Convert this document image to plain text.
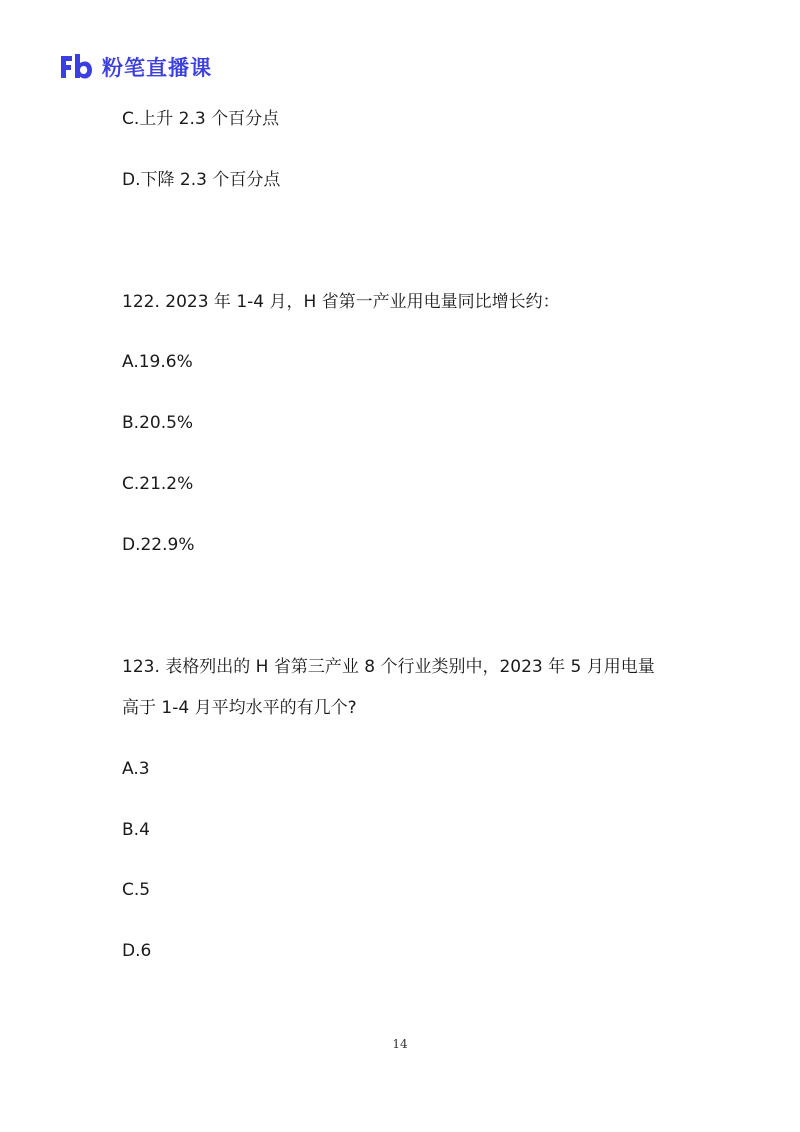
粉笔直播课
C.上升 2.3 个百分点
D.下降 2.3 个百分点
122. 2023 年 1-4 月，H 省第一产业用电量同比增长约：
A.19.6%
B.20.5%
C.21.2%
D.22.9%
123. 表格列出的 H 省第三产业 8 个行业类别中，2023 年 5 月用电量
高于 1-4 月平均水平的有几个?
A.3
B.4
C.5
D.6
14
